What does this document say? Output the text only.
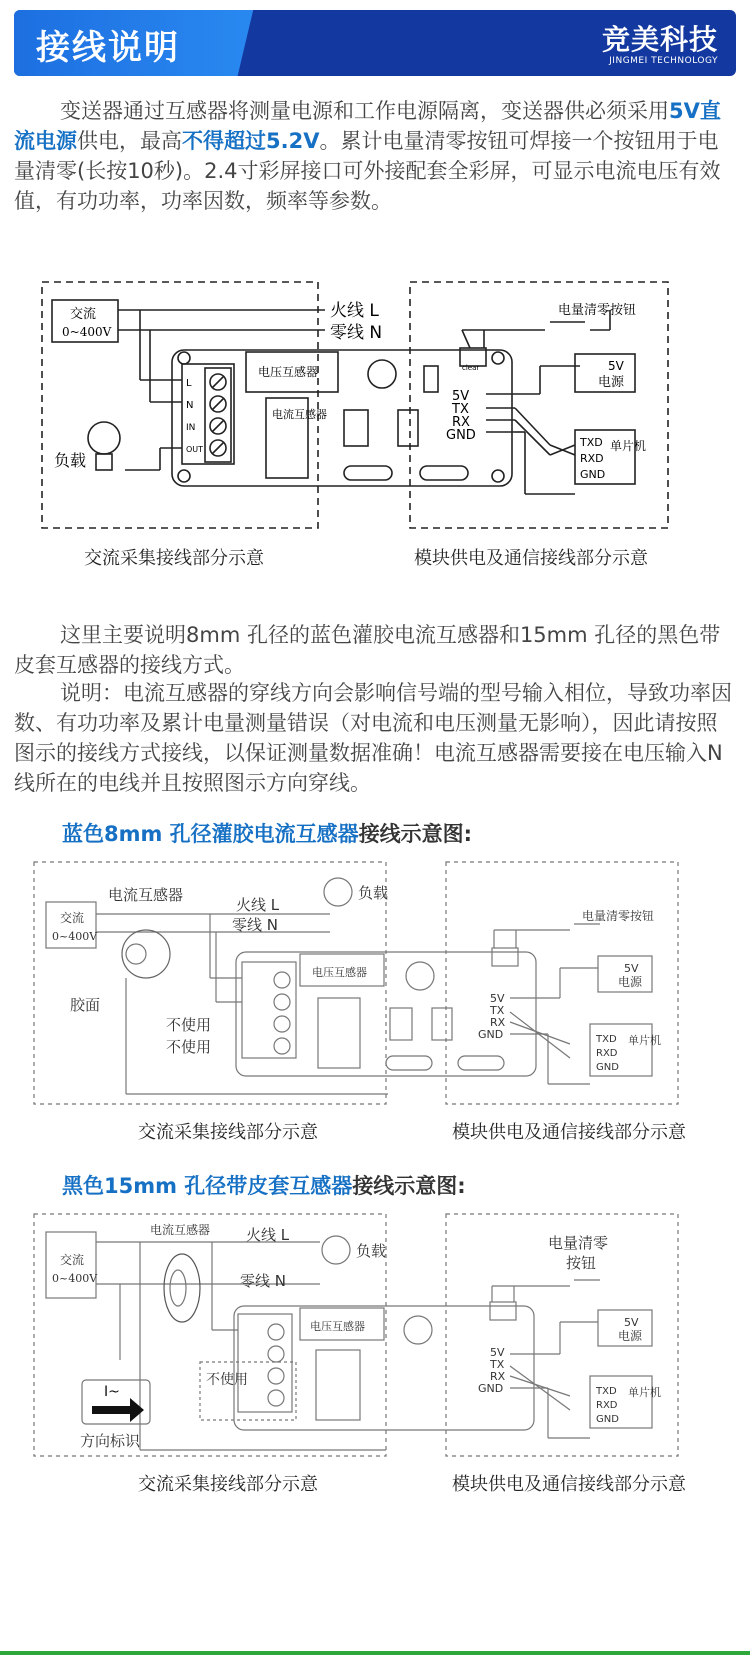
接线说明	竞美科技
JINGMEI TECHNOLOGY
变送器通过互感器将测量电源和工作电源隔离，变送器供必须采用5V直流电源供电，最高不得超过5.2V。累计电量清零按钮可焊接一个按钮用于电量清零(长按10秒)。2.4寸彩屏接口可外接配套全彩屏，可显示电流电压有效值，有功功率，功率因数，频率等参数。
交流
0~400V
火线 L
零线 N
负载
电压互感器
电流互感器
L
N
IN
OUT
clear
电量清零按钮
5V
TX
RX
GND
5V
电源
TXD
RXD
GND
单片机
交流采集接线部分示意	模块供电及通信接线部分示意
这里主要说明8mm 孔径的蓝色灌胶电流互感器和15mm 孔径的黑色带皮套互感器的接线方式。
说明：电流互感器的穿线方向会影响信号端的型号输入相位，导致功率因数、有功功率及累计电量测量错误（对电流和电压测量无影响），因此请按照图示的接线方式接线，以保证测量数据准确！电流互感器需要接在电压输入N 线所在的电线并且按照图示方向穿线。
蓝色8mm 孔径灌胶电流互感器接线示意图:
电流互感器
交流
0~400V
火线 L
零线 N
负载
胶面
不使用
不使用
电压互感器
电量清零按钮
5V
TX
RX
GND
5V
电源
TXD
RXD
GND
单片机
交流采集接线部分示意	模块供电及通信接线部分示意
黑色15mm 孔径带皮套互感器接线示意图:
电流互感器
交流
0~400V
火线 L
零线 N
负载
电压互感器
不使用
I~
方向标识
电量清零
按钮
5V
TX
RX
GND
5V
电源
TXD
RXD
GND
单片机
交流采集接线部分示意	模块供电及通信接线部分示意
